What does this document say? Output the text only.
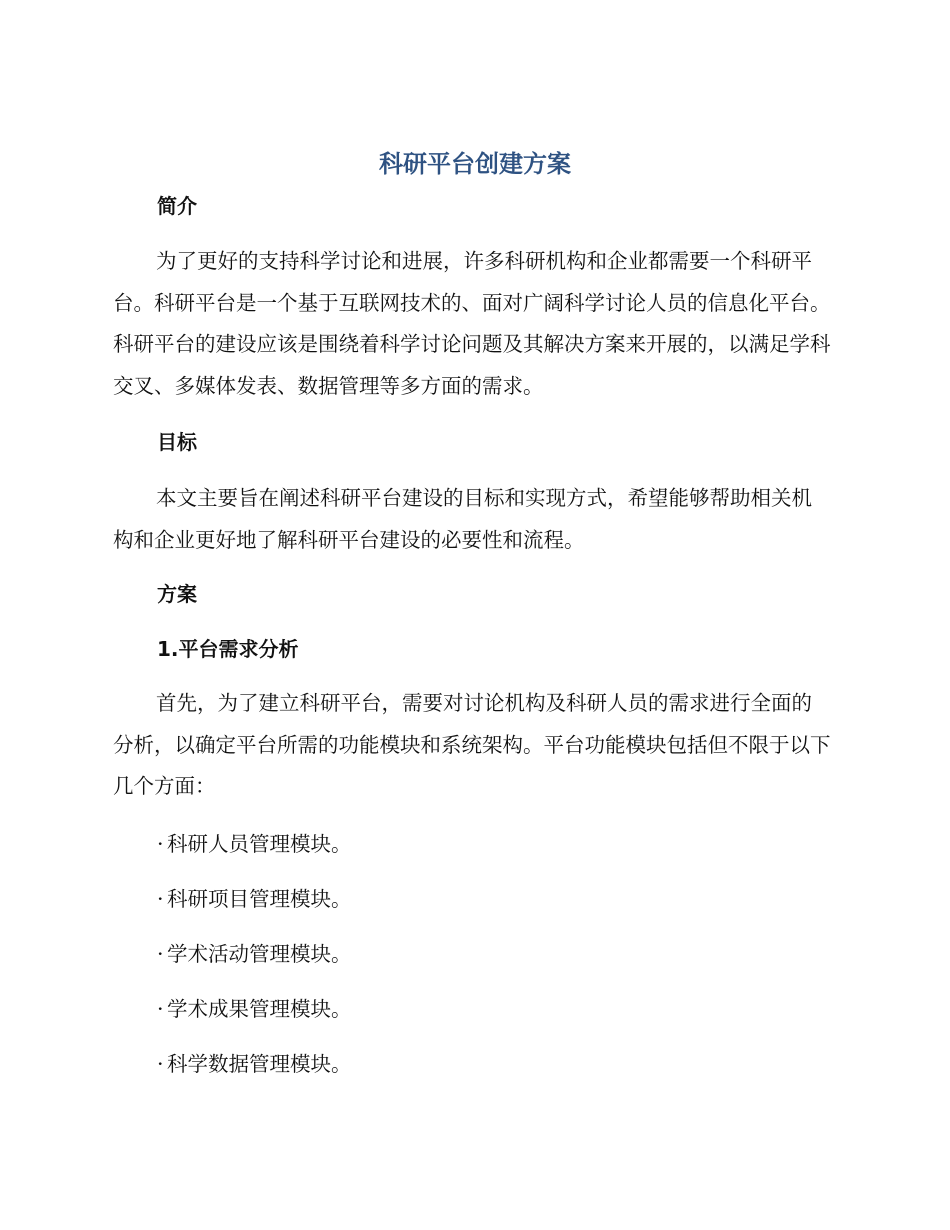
科研平台创建方案
简介

为了更好的支持科学讨论和进展，许多科研机构和企业都需要一个科研平台。科研平台是一个基于互联网技术的、面对广阔科学讨论人员的信息化平台。科研平台的建设应该是围绕着科学讨论问题及其解决方案来开展的，以满足学科交叉、多媒体发表、数据管理等多方面的需求。

目标

本文主要旨在阐述科研平台建设的目标和实现方式，希望能够帮助相关机构和企业更好地了解科研平台建设的必要性和流程。

方案
1.平台需求分析

首先，为了建立科研平台，需要对讨论机构及科研人员的需求进行全面的分析，以确定平台所需的功能模块和系统架构。平台功能模块包括但不限于以下几个方面：

· 科研人员管理模块。
· 科研项目管理模块。
· 学术活动管理模块。
· 学术成果管理模块。
· 科学数据管理模块。
